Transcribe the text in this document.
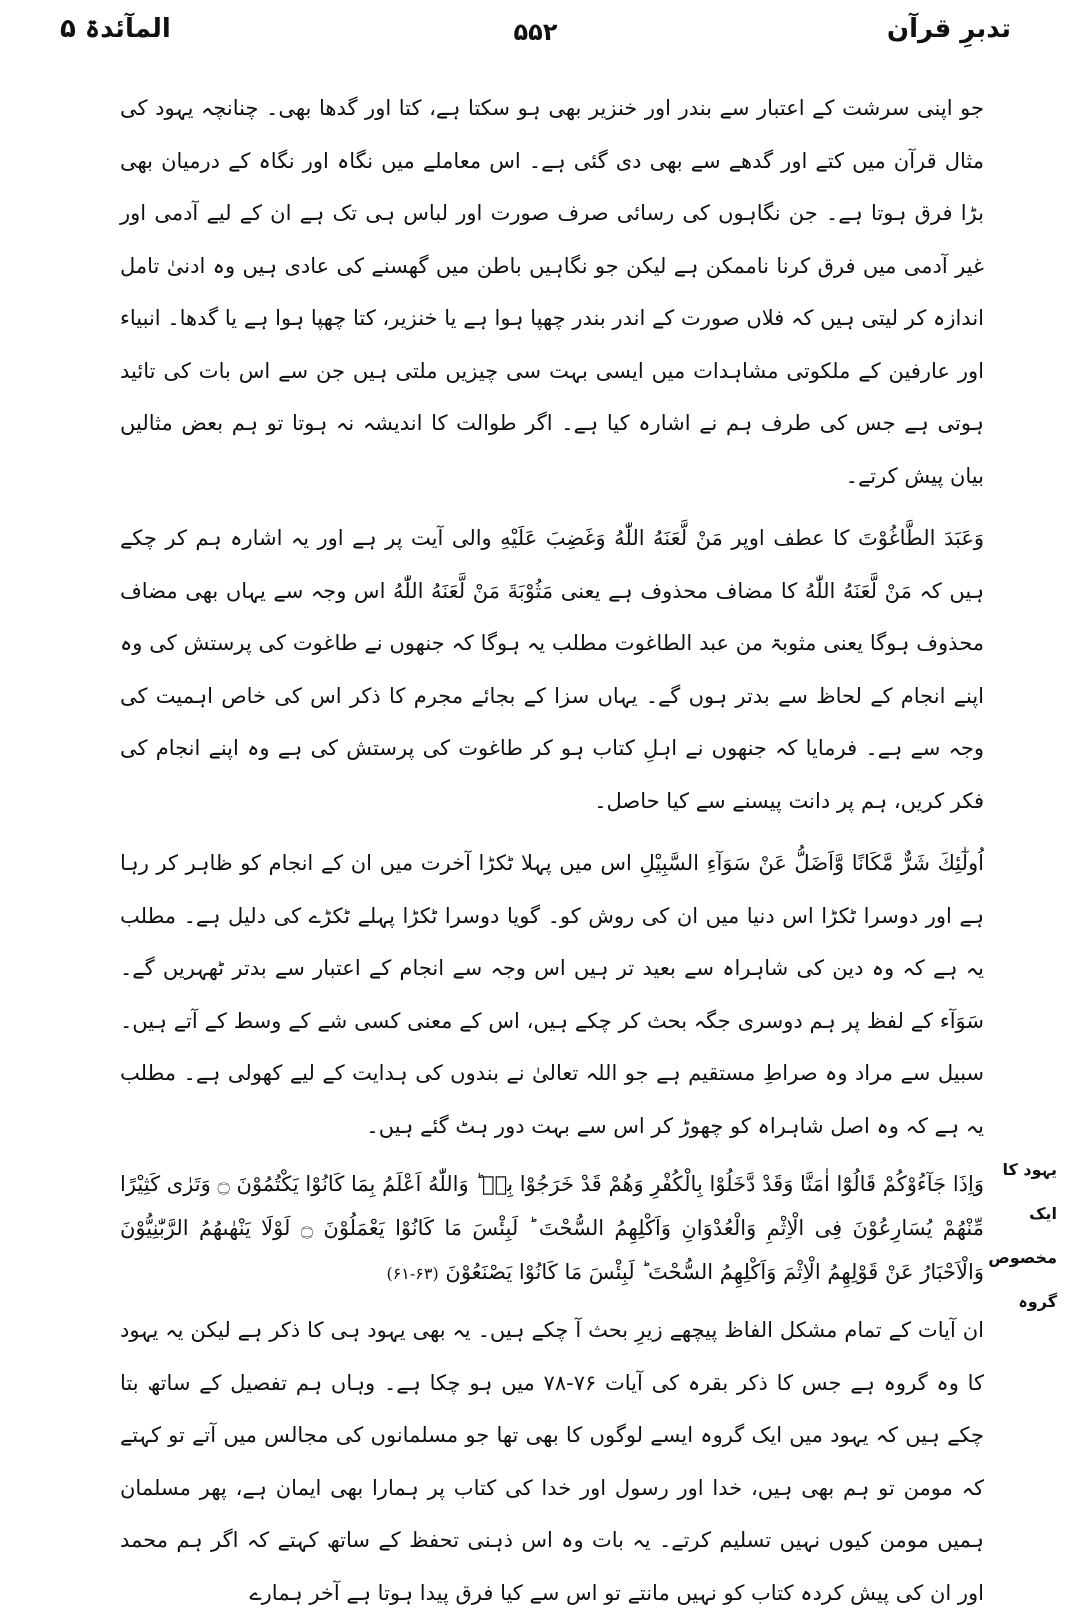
تدبرِ قرآن
۵۵۲
المآئدۃ ۵

جو اپنی سرشت کے اعتبار سے بندر اور خنزیر بھی ہو سکتا ہے، کتا اور گدھا بھی۔ چنانچہ یہود کی مثال قرآن میں کتے اور گدھے سے بھی دی گئی ہے۔ اس معاملے میں نگاہ اور نگاہ کے درمیان بھی بڑا فرق ہوتا ہے۔ جن نگاہوں کی رسائی صرف صورت اور لباس ہی تک ہے ان کے لیے آدمی اور غیر آدمی میں فرق کرنا ناممکن ہے لیکن جو نگاہیں باطن میں گھسنے کی عادی ہیں وہ ادنیٰ تامل اندازہ کر لیتی ہیں کہ فلاں صورت کے اندر بندر چھپا ہوا ہے یا خنزیر، کتا چھپا ہوا ہے یا گدھا۔ انبیاء اور عارفین کے ملکوتی مشاہدات میں ایسی بہت سی چیزیں ملتی ہیں جن سے اس بات کی تائید ہوتی ہے جس کی طرف ہم نے اشارہ کیا ہے۔ اگر طوالت کا اندیشہ نہ ہوتا تو ہم بعض مثالیں بیان پیش کرتے۔

وَعَبَدَ الطَّاغُوْتَ کا عطف اوپر مَنْ لَّعَنَهُ اللّٰهُ وَغَضِبَ عَلَيْهِ والی آیت پر ہے اور یہ اشارہ ہم کر چکے ہیں کہ مَنْ لَّعَنَهُ اللّٰهُ کا مضاف محذوف ہے یعنی مَثُوْبَةَ مَنْ لَّعَنَهُ اللّٰهُ اس وجہ سے یہاں بھی مضاف محذوف ہوگا یعنی مثوبۃ من عبد الطاغوت مطلب یہ ہوگا کہ جنھوں نے طاغوت کی پرستش کی وہ اپنے انجام کے لحاظ سے بدتر ہوں گے۔ یہاں سزا کے بجائے مجرم کا ذکر اس کی خاص اہمیت کی وجہ سے ہے۔ فرمایا کہ جنھوں نے اہلِ کتاب ہو کر طاغوت کی پرستش کی ہے وہ اپنے انجام کی فکر کریں، ہم پر دانت پیسنے سے کیا حاصل۔

اُولٰٓئِكَ شَرٌّ مَّكَانًا وَّاَضَلُّ عَنْ سَوَآءِ السَّبِيْلِ اس میں پہلا ٹکڑا آخرت میں ان کے انجام کو ظاہر کر رہا ہے اور دوسرا ٹکڑا اس دنیا میں ان کی روش کو۔ گویا دوسرا ٹکڑا پہلے ٹکڑے کی دلیل ہے۔ مطلب یہ ہے کہ وہ دین کی شاہراہ سے بعید تر ہیں اس وجہ سے انجام کے اعتبار سے بدتر ٹھہریں گے۔ سَوَآء کے لفظ پر ہم دوسری جگہ بحث کر چکے ہیں، اس کے معنی کسی شے کے وسط کے آتے ہیں۔ سبیل سے مراد وہ صراطِ مستقیم ہے جو اللہ تعالیٰ نے بندوں کی ہدایت کے لیے کھولی ہے۔ مطلب یہ ہے کہ وہ اصل شاہراہ کو چھوڑ کر اس سے بہت دور ہٹ گئے ہیں۔

وَاِذَا جَآءُوْكُمْ قَالُوْٓا اٰمَنَّا وَقَدْ دَّخَلُوْا بِالْكُفْرِ وَهُمْ قَدْ خَرَجُوْا بِهٖ ؕ وَاللّٰهُ اَعْلَمُ بِمَا كَانُوْا يَكْتُمُوْنَ ۝ وَتَرٰى كَثِيْرًا مِّنْهُمْ يُسَارِعُوْنَ فِى الْاِثْمِ وَالْعُدْوَانِ وَاَكْلِهِمُ السُّحْتَ ؕ لَبِئْسَ مَا كَانُوْا يَعْمَلُوْنَ ۝ لَوْلَا يَنْهٰىهُمُ الرَّبّٰنِيُّوْنَ وَالْاَحْبَارُ عَنْ قَوْلِهِمُ الْاِثْمَ وَاَكْلِهِمُ السُّحْتَ ؕ لَبِئْسَ مَا كَانُوْا يَصْنَعُوْنَ (۶۱-۶۳)

ان آیات کے تمام مشکل الفاظ پیچھے زیرِ بحث آ چکے ہیں۔ یہ بھی یہود ہی کا ذکر ہے لیکن یہ یہود کا وہ گروہ ہے جس کا ذکر بقرہ کی آیات ۷۶-۷۸ میں ہو چکا ہے۔ وہاں ہم تفصیل کے ساتھ بتا چکے ہیں کہ یہود میں ایک گروہ ایسے لوگوں کا بھی تھا جو مسلمانوں کی مجالس میں آتے تو کہتے کہ مومن تو ہم بھی ہیں، خدا اور رسول اور خدا کی کتاب پر ہمارا بھی ایمان ہے، پھر مسلمان ہمیں مومن کیوں نہیں تسلیم کرتے۔ یہ بات وہ اس ذہنی تحفظ کے ساتھ کہتے کہ اگر ہم محمد اور ان کی پیش کردہ کتاب کو نہیں مانتے تو اس سے کیا فرق پیدا ہوتا ہے آخر ہمارے

یہود کا ایک مخصوص گروہ
